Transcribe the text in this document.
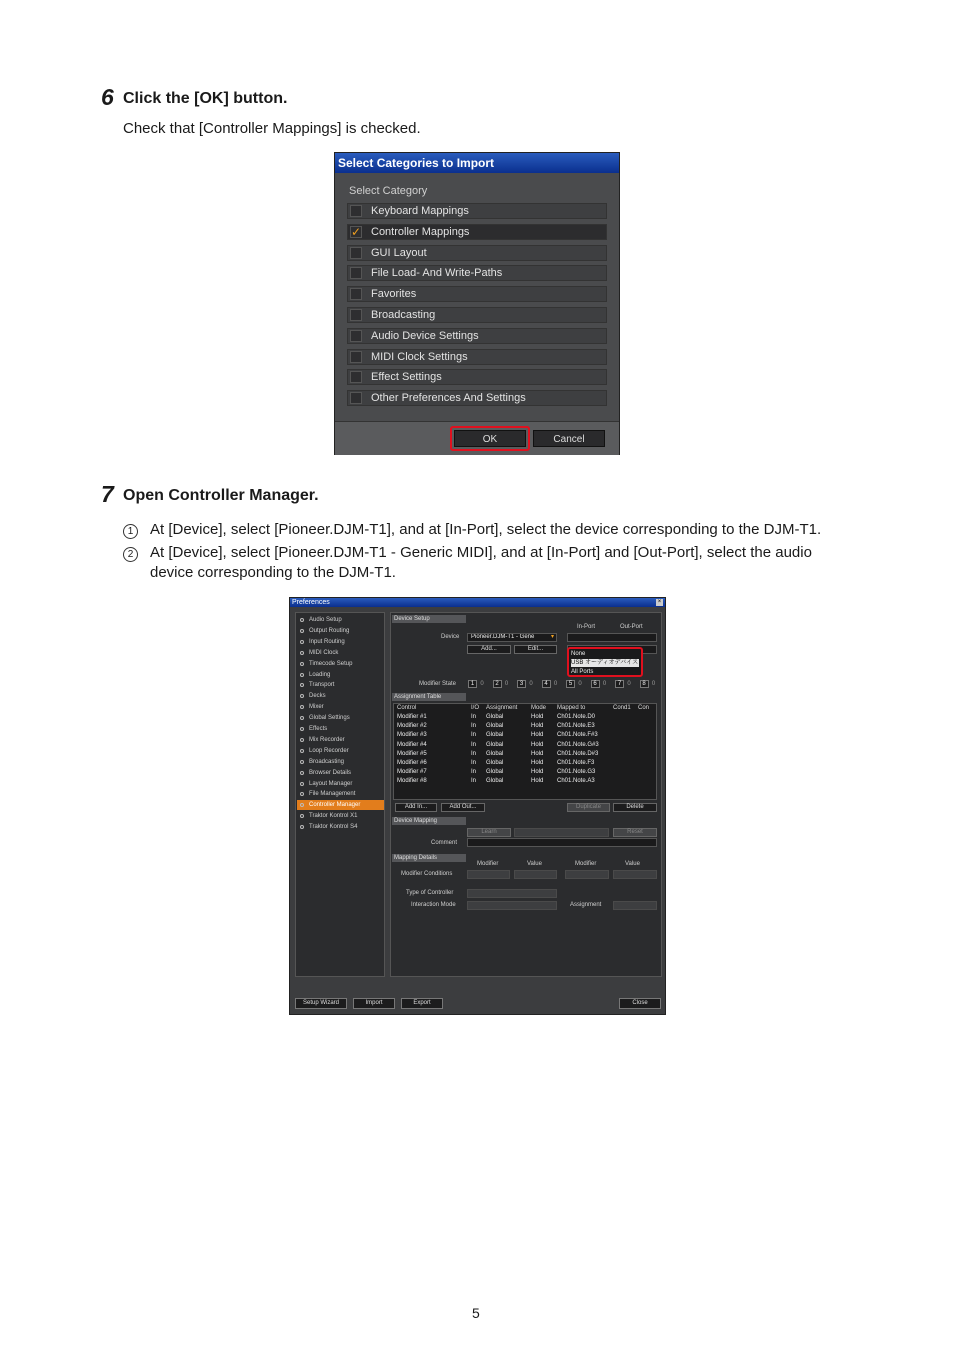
6 Click the [OK] button.
Check that [Controller Mappings] is checked.
Select Categories to Import
Select Category
Keyboard Mappings
✓ Controller Mappings
GUI Layout
File Load- And Write-Paths
Favorites
Broadcasting
Audio Device Settings
MIDI Clock Settings
Effect Settings
Other Preferences And Settings
OK	Cancel
7 Open Controller Manager.
1	At [Device], select [Pioneer.DJM-T1], and at [In-Port], select the device corresponding to the DJM-T1.
2	At [Device], select [Pioneer.DJM-T1 - Generic MIDI], and at [In-Port] and [Out-Port], select the audio
device corresponding to the DJM-T1.
Preferences	×
Audio Setup
Output Routing
Input Routing
MIDI Clock
Timecode Setup
Loading
Transport
Decks
Mixer
Global Settings
Effects
Mix Recorder
Loop Recorder
Broadcasting
Browser Details
Layout Manager
File Management
Controller Manager
Traktor Kontrol X1
Traktor Kontrol S4
Device Setup
In-Port	Out-Port
Device	Pioneer.DJM-T1 - Gene	▾
Add...	Edit...
None
USB オーディオデバイス
All Ports
Modifier State	1	0	2	0	3	0	4	0	5	0	6	0	7	0	8	0
Assignment Table
Control	I/O Assignment Mode Mapped to	Cond1 Con
Modifier #1	In Global	Hold Ch01.Note.D0
Modifier #2	In Global	Hold Ch01.Note.E3
Modifier #3	In Global	Hold Ch01.Note.F#3
Modifier #4	In Global	Hold Ch01.Note.G#3
Modifier #5	In Global	Hold Ch01.Note.D#3
Modifier #6	In Global	Hold Ch01.Note.F3
Modifier #7	In Global	Hold Ch01.Note.G3
Modifier #8	In Global	Hold Ch01.Note.A3
Add In...	Add Out...	Duplicate	Delete
Device Mapping
Learn	Reset
Comment
Mapping Details
Modifier	Value	Modifier	Value
Modifier Conditions
Type of Controller
Interaction Mode	Assignment
Setup Wizard	Import	Export	Close
5
